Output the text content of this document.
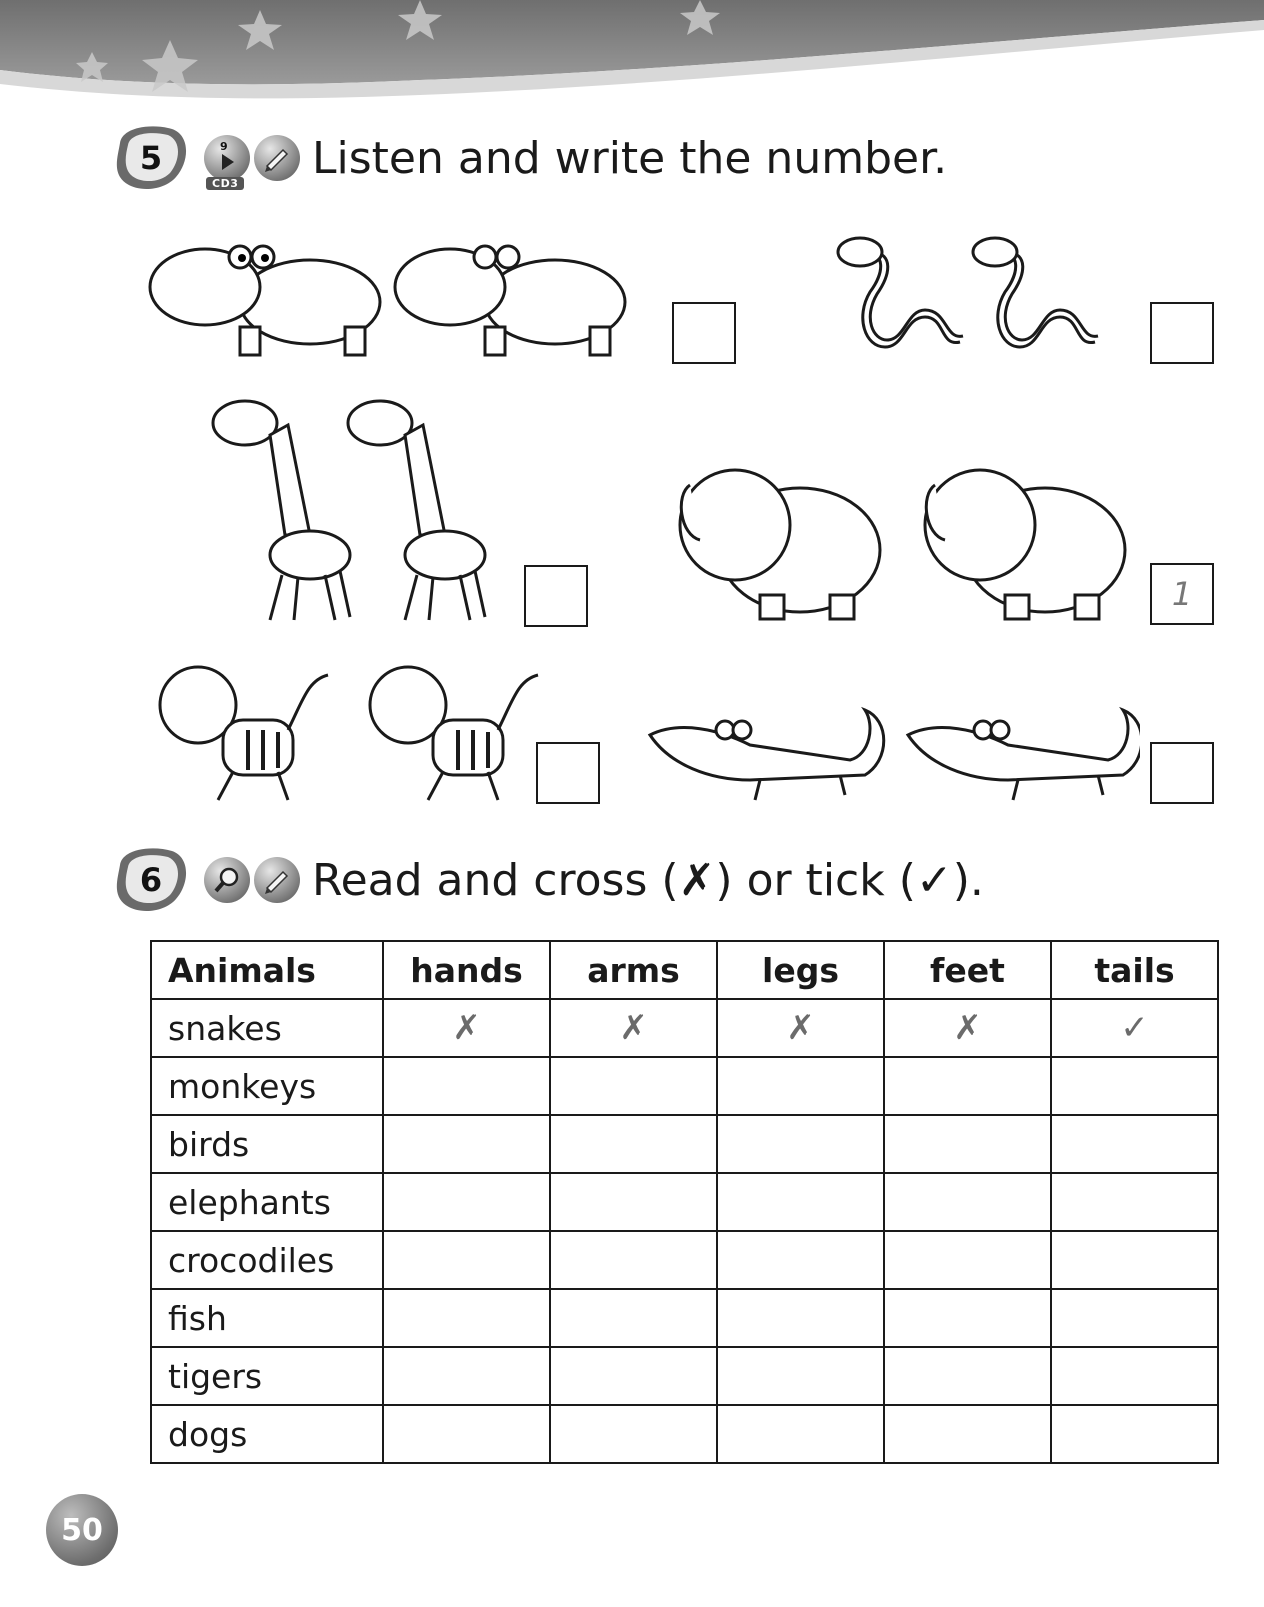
5	9
CD3 Listen and write the number.
1
6	Read and cross (✗) or tick (✓).
Animals	hands	arms	legs	feet	tails
snakes	✗	✗	✗	✗	✓
monkeys					
birds					
elephants					
crocodiles					
fish					
tigers					
dogs					
50
